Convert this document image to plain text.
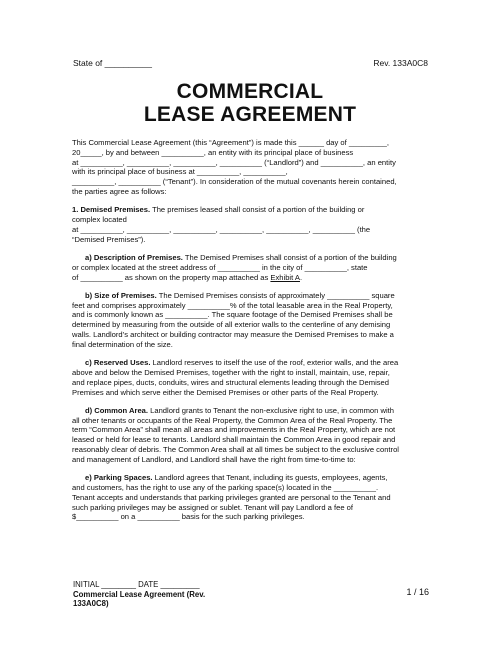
State of __________	Rev. 133A0C8
COMMERCIAL
LEASE AGREEMENT

This Commercial Lease Agreement (this “Agreement”) is made this ______ day of _________,
20_____, by and between __________, an entity with its principal place of business
at __________, __________, __________, __________ (“Landlord”) and __________, an entity
with its principal place of business at __________, __________,
__________, __________ (“Tenant”). In consideration of the mutual covenants herein contained,
the parties agree as follows:

1. Demised Premises. The premises leased shall consist of a portion of the building or
complex located
at __________, __________, __________, __________, __________, __________ (the
“Demised Premises”).

a) Description of Premises. The Demised Premises shall consist of a portion of the building
or complex located at the street address of __________ in the city of __________, state
of __________ as shown on the property map attached as Exhibit A.

b) Size of Premises. The Demised Premises consists of approximately __________ square
feet and comprises approximately __________% of the total leasable area in the Real Property,
and is commonly known as __________. The square footage of the Demised Premises shall be
determined by measuring from the outside of all exterior walls to the centerline of any demising
walls. Landlord’s architect or building contractor may measure the Demised Premises to make a
final determination of the size.

c) Reserved Uses. Landlord reserves to itself the use of the roof, exterior walls, and the area
above and below the Demised Premises, together with the right to install, maintain, use, repair,
and replace pipes, ducts, conduits, wires and structural elements leading through the Demised
Premises and which serve either the Demised Premises or other parts of the Real Property.

d) Common Area. Landlord grants to Tenant the non-exclusive right to use, in common with
all other tenants or occupants of the Real Property, the Common Area of the Real Property. The
term “Common Area” shall mean all areas and improvements in the Real Property, which are not
leased or held for lease to tenants. Landlord shall maintain the Common Area in good repair and
reasonably clear of debris. The Common Area shall at all times be subject to the exclusive control
and management of Landlord, and Landlord shall have the right from time-to-time to:

e) Parking Spaces. Landlord agrees that Tenant, including its guests, employees, agents,
and customers, has the right to use any of the parking space(s) located in the __________.
Tenant accepts and understands that parking privileges granted are personal to the Tenant and
such parking privileges may be assigned or sublet. Tenant will pay Landlord a fee of
$__________ on a __________ basis for the such parking privileges.

INITIAL ________ DATE _________
Commercial Lease Agreement (Rev.
133A0C8)
1 / 16
